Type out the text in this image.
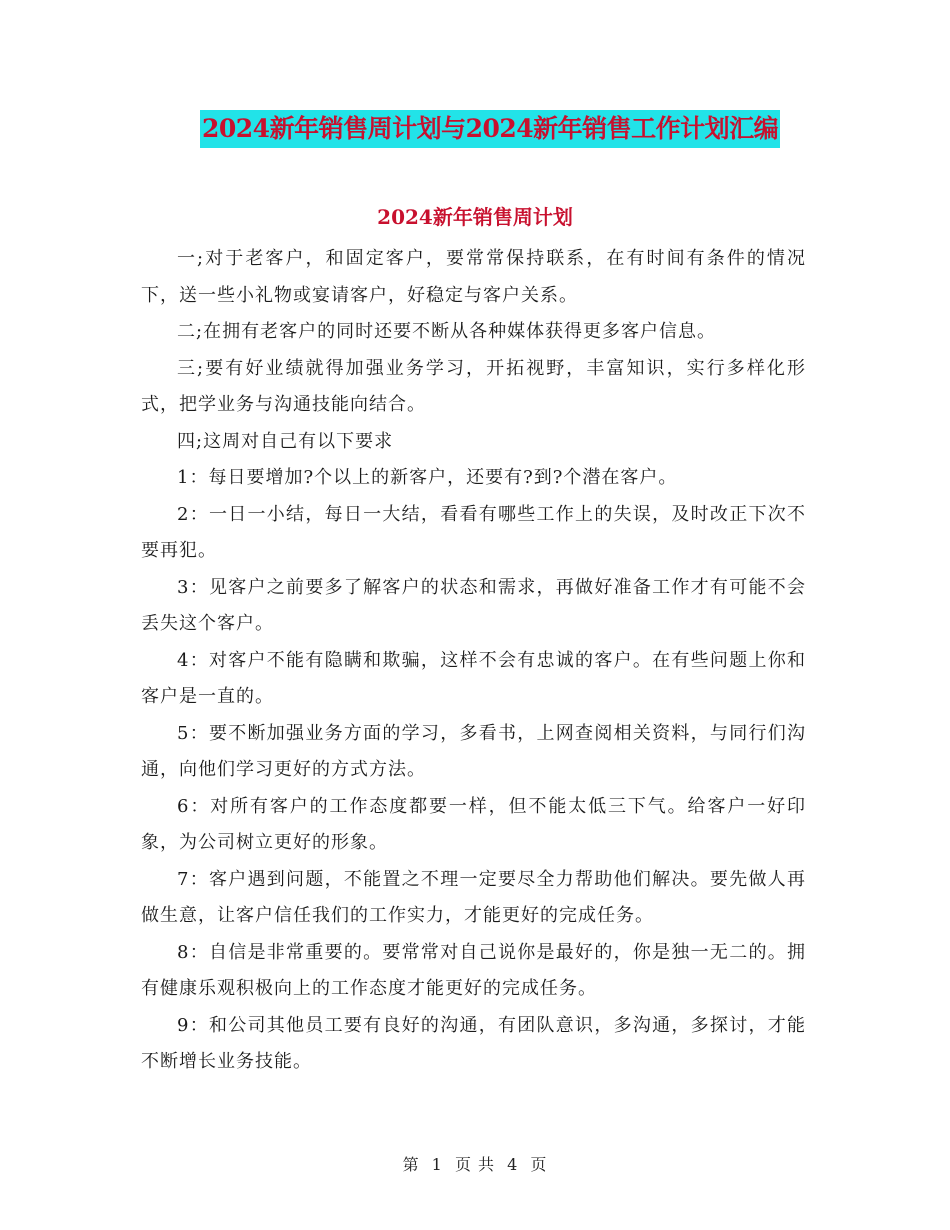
2024新年销售周计划与2024新年销售工作计划汇编
2024新年销售周计划

一;对于老客户，和固定客户，要常常保持联系，在有时间有条件的情况下，送一些小礼物或宴请客户，好稳定与客户关系。

二;在拥有老客户的同时还要不断从各种媒体获得更多客户信息。

三;要有好业绩就得加强业务学习，开拓视野，丰富知识，实行多样化形式，把学业务与沟通技能向结合。

四;这周对自己有以下要求

1：每日要增加?个以上的新客户，还要有?到?个潜在客户。

2：一日一小结，每日一大结，看看有哪些工作上的失误，及时改正下次不要再犯。

3：见客户之前要多了解客户的状态和需求，再做好准备工作才有可能不会丢失这个客户。

4：对客户不能有隐瞒和欺骗，这样不会有忠诚的客户。在有些问题上你和客户是一直的。

5：要不断加强业务方面的学习，多看书，上网查阅相关资料，与同行们沟通，向他们学习更好的方式方法。

6：对所有客户的工作态度都要一样，但不能太低三下气。给客户一好印象，为公司树立更好的形象。

7：客户遇到问题，不能置之不理一定要尽全力帮助他们解决。要先做人再做生意，让客户信任我们的工作实力，才能更好的完成任务。

8：自信是非常重要的。要常常对自己说你是最好的，你是独一无二的。拥有健康乐观积极向上的工作态度才能更好的完成任务。

9：和公司其他员工要有良好的沟通，有团队意识，多沟通，多探讨，才能不断增长业务技能。

第 1 页 共 4 页
